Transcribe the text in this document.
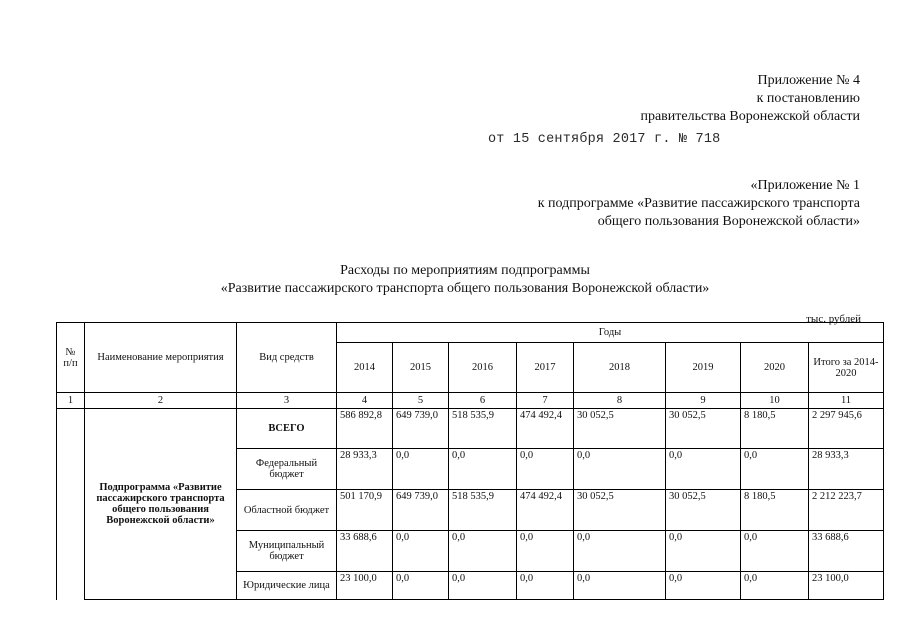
Приложение № 4
к постановлению
правительства Воронежской области
от 15 сентября 2017 г. № 718
«Приложение № 1
к подпрограмме «Развитие пассажирского транспорта
общего пользования Воронежской области»
Расходы по мероприятиям подпрограммы
«Развитие пассажирского транспорта общего пользования Воронежской области»
тыс. рублей
№ п/п	Наименование мероприятия	Вид средств	Годы							
			2014	2015	2016	2017	2018	2019	2020	Итого за 2014-2020
1	2	3	4	5	6	7	8	9	10	11
	Подпрограмма «Развитие пассажирского транспорта общего пользования Воронежской области»	ВСЕГО	586 892,8	649 739,0	518 535,9	474 492,4	30 052,5	30 052,5	8 180,5	2 297 945,6
		Федеральный бюджет	28 933,3	0,0	0,0	0,0	0,0	0,0	0,0	28 933,3
		Областной бюджет	501 170,9	649 739,0	518 535,9	474 492,4	30 052,5	30 052,5	8 180,5	2 212 223,7
		Муниципальный бюджет	33 688,6	0,0	0,0	0,0	0,0	0,0	0,0	33 688,6
		Юридические лица	23 100,0	0,0	0,0	0,0	0,0	0,0	0,0	23 100,0
